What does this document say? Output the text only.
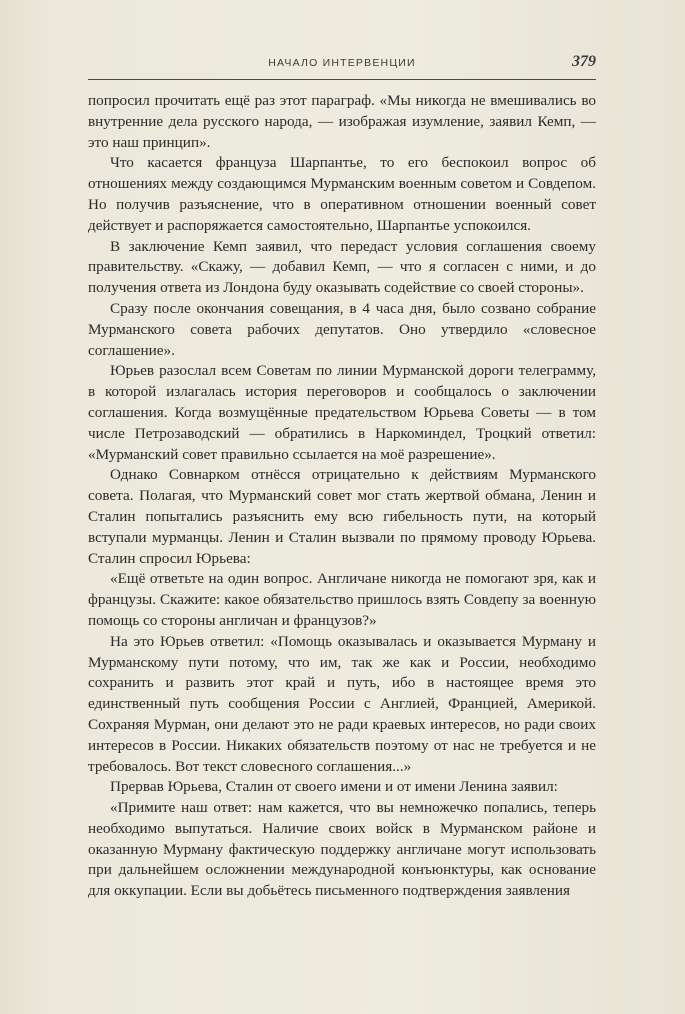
НАЧАЛО ИНТЕРВЕНЦИИ	379

попросил прочитать ещё раз этот параграф. «Мы никогда не вмешивались во внутренние дела русского народа, — изображая изумление, заявил Кемп, — это наш принцип».

Что касается француза Шарпантье, то его беспокоил вопрос об отношениях между создающимся Мурманским военным советом и Совдепом. Но получив разъяснение, что в оперативном отношении военный совет действует и распоряжается самостоятельно, Шарпантье успокоился.

В заключение Кемп заявил, что передаст условия соглашения своему правительству. «Скажу, — добавил Кемп, — что я согласен с ними, и до получения ответа из Лондона буду оказывать содействие со своей стороны».

Сразу после окончания совещания, в 4 часа дня, было созвано собрание Мурманского совета рабочих депутатов. Оно утвердило «словесное соглашение».

Юрьев разослал всем Советам по линии Мурманской дороги телеграмму, в которой излагалась история переговоров и сообщалось о заключении соглашения. Когда возмущённые предательством Юрьева Советы — в том числе Петрозаводский — обратились в Наркоминдел, Троцкий ответил: «Мурманский совет правильно ссылается на моё разрешение».

Однако Совнарком отнёсся отрицательно к действиям Мурманского совета. Полагая, что Мурманский совет мог стать жертвой обмана, Ленин и Сталин попытались разъяснить ему всю гибельность пути, на который вступали мурманцы. Ленин и Сталин вызвали по прямому проводу Юрьева. Сталин спросил Юрьева:

«Ещё ответьте на один вопрос. Англичане никогда не помогают зря, как и французы. Скажите: какое обязательство пришлось взять Совдепу за военную помощь со стороны англичан и французов?»

На это Юрьев ответил: «Помощь оказывалась и оказывается Мурману и Мурманскому пути потому, что им, так же как и России, необходимо сохранить и развить этот край и путь, ибо в настоящее время это единственный путь сообщения России с Англией, Францией, Америкой. Сохраняя Мурман, они делают это не ради краевых интересов, но ради своих интересов в России. Никаких обязательств поэтому от нас не требуется и не требовалось. Вот текст словесного соглашения...»

Прервав Юрьева, Сталин от своего имени и от имени Ленина заявил:

«Примите наш ответ: нам кажется, что вы немножечко попались, теперь необходимо выпутаться. Наличие своих войск в Мурманском районе и оказанную Мурману фактическую поддержку англичане могут использовать при дальнейшем осложнении международной конъюнктуры, как основание для оккупации. Если вы добьётесь письменного подтверждения заявления
